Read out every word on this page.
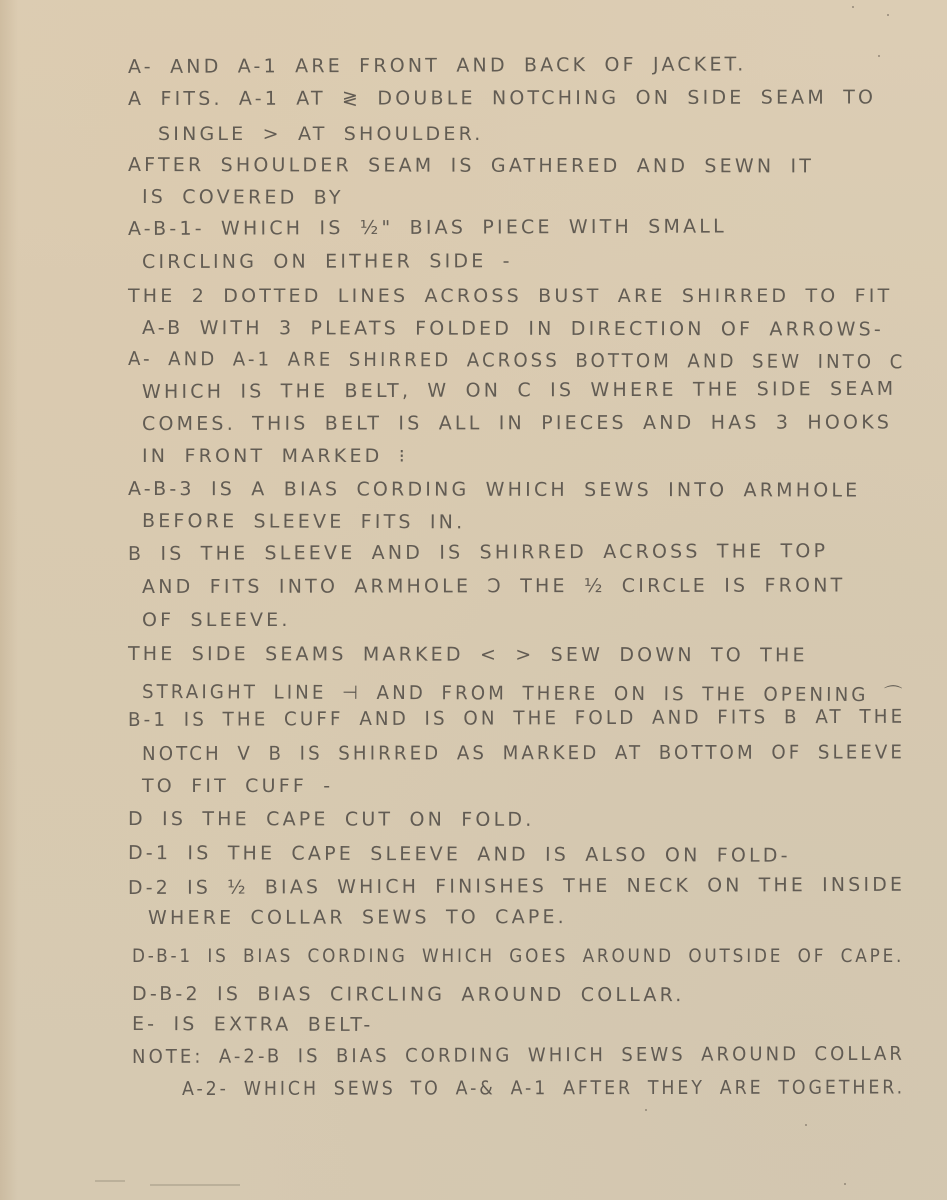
A- AND A-1 ARE FRONT AND BACK OF JACKET.
A FITS. A-1 AT ≷ DOUBLE NOTCHING ON SIDE SEAM TO
SINGLE > AT SHOULDER.
AFTER SHOULDER SEAM IS GATHERED AND SEWN IT
IS COVERED BY
A-B-1- WHICH IS ½" BIAS PIECE WITH SMALL
CIRCLING ON EITHER SIDE -
THE 2 DOTTED LINES ACROSS BUST ARE SHIRRED TO FIT
A-B WITH 3 PLEATS FOLDED IN DIRECTION OF ARROWS-
A- AND A-1 ARE SHIRRED ACROSS BOTTOM AND SEW INTO C
WHICH IS THE BELT, W ON C IS WHERE THE SIDE SEAM
COMES. THIS BELT IS ALL IN PIECES AND HAS 3 HOOKS
IN FRONT MARKED ⁝
A-B-3 IS A BIAS CORDING WHICH SEWS INTO ARMHOLE
BEFORE SLEEVE FITS IN.
B IS THE SLEEVE AND IS SHIRRED ACROSS THE TOP
AND FITS INTO ARMHOLE Ↄ THE ½ CIRCLE IS FRONT
OF SLEEVE.
THE SIDE SEAMS MARKED < > SEW DOWN TO THE
STRAIGHT LINE ⊣ AND FROM THERE ON IS THE OPENING ⌒
B-1 IS THE CUFF AND IS ON THE FOLD AND FITS B AT THE
NOTCH V B IS SHIRRED AS MARKED AT BOTTOM OF SLEEVE
TO FIT CUFF -
D IS THE CAPE CUT ON FOLD.
D-1 IS THE CAPE SLEEVE AND IS ALSO ON FOLD-
D-2 IS ½ BIAS WHICH FINISHES THE NECK ON THE INSIDE
WHERE COLLAR SEWS TO CAPE.
D-B-1 IS BIAS CORDING WHICH GOES AROUND OUTSIDE OF CAPE.
D-B-2 IS BIAS CIRCLING AROUND COLLAR.
E- IS EXTRA BELT-
NOTE: A-2-B IS BIAS CORDING WHICH SEWS AROUND COLLAR
A-2- WHICH SEWS TO A-& A-1 AFTER THEY ARE TOGETHER.
